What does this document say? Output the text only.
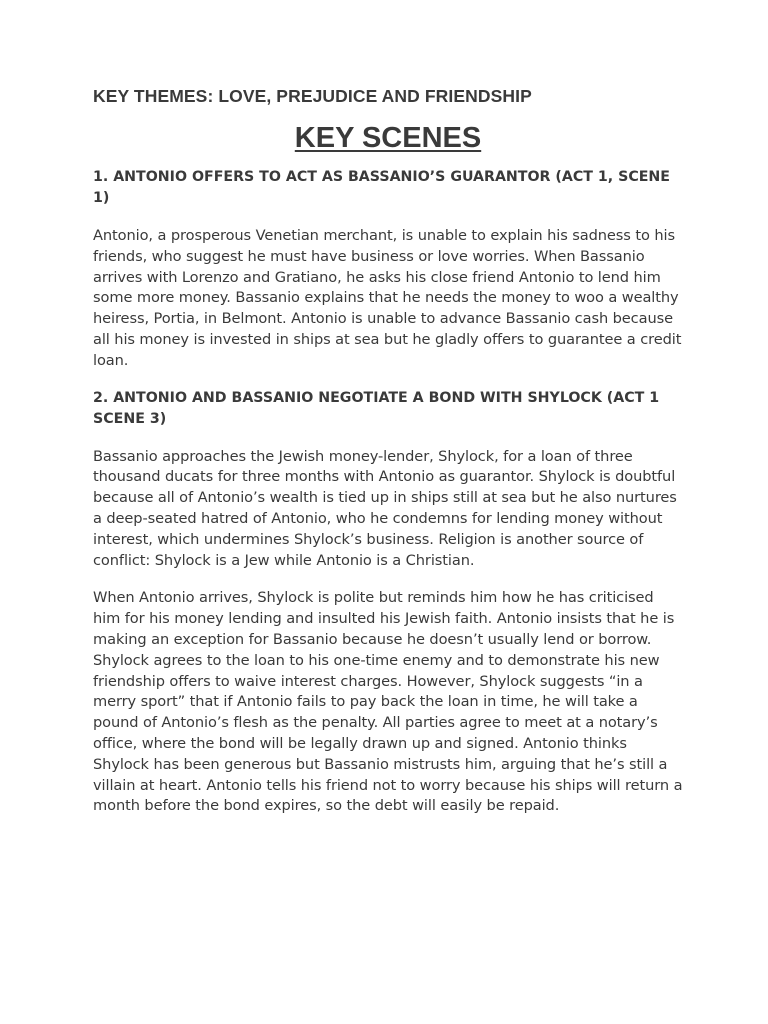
KEY THEMES: LOVE, PREJUDICE AND FRIENDSHIP
KEY SCENES
1. ANTONIO OFFERS TO ACT AS BASSANIO’S GUARANTOR (ACT 1, SCENE 1)

Antonio, a prosperous Venetian merchant, is unable to explain his sadness to his friends, who suggest he must have business or love worries. When Bassanio arrives with Lorenzo and Gratiano, he asks his close friend Antonio to lend him some more money. Bassanio explains that he needs the money to woo a wealthy heiress, Portia, in Belmont. Antonio is unable to advance Bassanio cash because all his money is invested in ships at sea but he gladly offers to guarantee a credit loan.

2. ANTONIO AND BASSANIO NEGOTIATE A BOND WITH SHYLOCK (ACT 1 SCENE 3)

Bassanio approaches the Jewish money-lender, Shylock, for a loan of three thousand ducats for three months with Antonio as guarantor. Shylock is doubtful because all of Antonio’s wealth is tied up in ships still at sea but he also nurtures a deep-seated hatred of Antonio, who he condemns for lending money without interest, which undermines Shylock’s business. Religion is another source of conflict: Shylock is a Jew while Antonio is a Christian.

When Antonio arrives, Shylock is polite but reminds him how he has criticised him for his money lending and insulted his Jewish faith. Antonio insists that he is making an exception for Bassanio because he doesn’t usually lend or borrow. Shylock agrees to the loan to his one-time enemy and to demonstrate his new friendship offers to waive interest charges. However, Shylock suggests “in a merry sport” that if Antonio fails to pay back the loan in time, he will take a pound of Antonio’s flesh as the penalty. All parties agree to meet at a notary’s office, where the bond will be legally drawn up and signed. Antonio thinks Shylock has been generous but Bassanio mistrusts him, arguing that he’s still a villain at heart. Antonio tells his friend not to worry because his ships will return a month before the bond expires, so the debt will easily be repaid.
